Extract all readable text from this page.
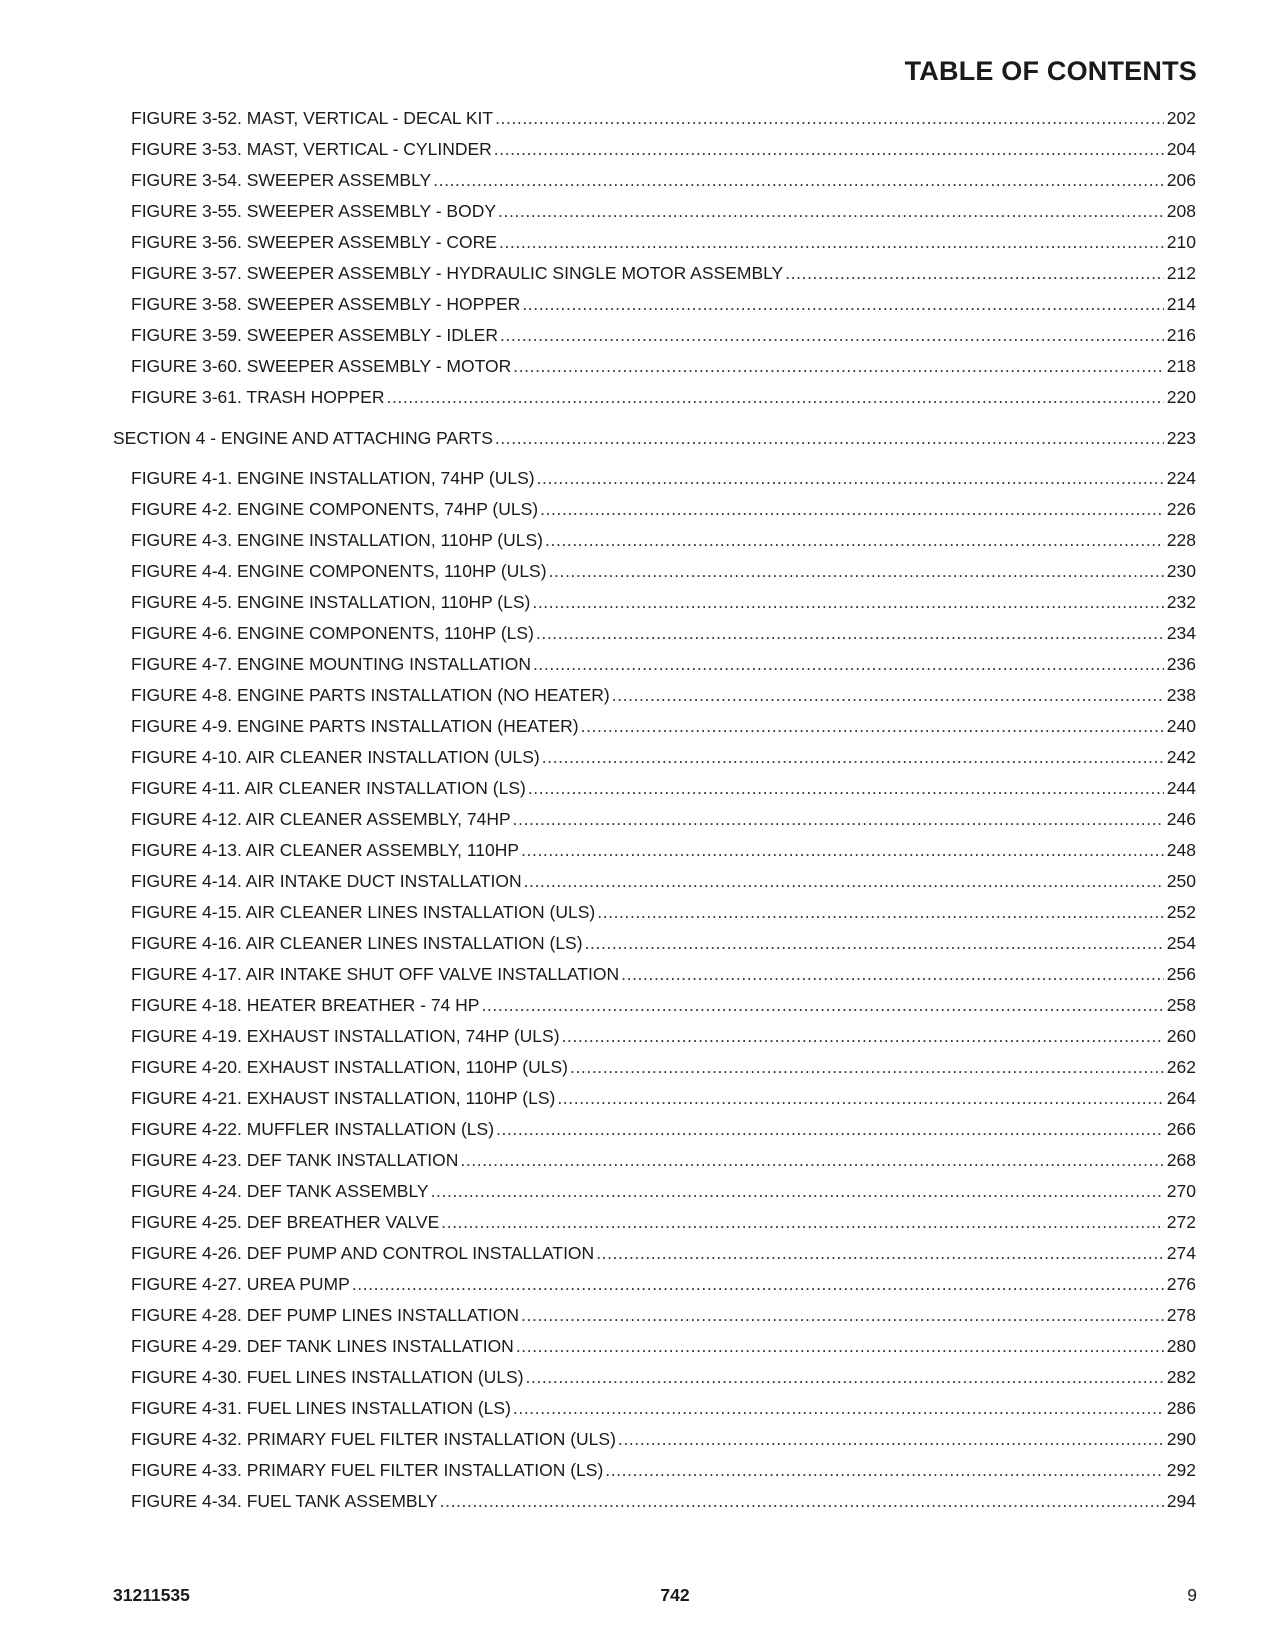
TABLE OF CONTENTS
FIGURE 3-52. MAST, VERTICAL - DECAL KIT .....	202
FIGURE 3-53. MAST, VERTICAL - CYLINDER .....	204
FIGURE 3-54. SWEEPER ASSEMBLY .....	206
FIGURE 3-55. SWEEPER ASSEMBLY - BODY .....	208
FIGURE 3-56. SWEEPER ASSEMBLY - CORE .....	210
FIGURE 3-57. SWEEPER ASSEMBLY - HYDRAULIC SINGLE MOTOR ASSEMBLY .....	212
FIGURE 3-58. SWEEPER ASSEMBLY - HOPPER .....	214
FIGURE 3-59. SWEEPER ASSEMBLY - IDLER .....	216
FIGURE 3-60. SWEEPER ASSEMBLY - MOTOR .....	218
FIGURE 3-61. TRASH HOPPER .....	220
SECTION 4 - ENGINE AND ATTACHING PARTS .....	223
FIGURE 4-1. ENGINE INSTALLATION, 74HP (ULS) .....	224
FIGURE 4-2. ENGINE COMPONENTS, 74HP (ULS) .....	226
FIGURE 4-3. ENGINE INSTALLATION, 110HP (ULS) .....	228
FIGURE 4-4. ENGINE COMPONENTS, 110HP (ULS) .....	230
FIGURE 4-5. ENGINE INSTALLATION, 110HP (LS) .....	232
FIGURE 4-6. ENGINE COMPONENTS, 110HP (LS) .....	234
FIGURE 4-7. ENGINE MOUNTING INSTALLATION .....	236
FIGURE 4-8. ENGINE PARTS INSTALLATION (NO HEATER) .....	238
FIGURE 4-9. ENGINE PARTS INSTALLATION (HEATER) .....	240
FIGURE 4-10. AIR CLEANER INSTALLATION (ULS) .....	242
FIGURE 4-11. AIR CLEANER INSTALLATION (LS) .....	244
FIGURE 4-12. AIR CLEANER ASSEMBLY, 74HP .....	246
FIGURE 4-13. AIR CLEANER ASSEMBLY, 110HP .....	248
FIGURE 4-14. AIR INTAKE DUCT INSTALLATION .....	250
FIGURE 4-15. AIR CLEANER LINES INSTALLATION (ULS) .....	252
FIGURE 4-16. AIR CLEANER LINES INSTALLATION (LS) .....	254
FIGURE 4-17. AIR INTAKE SHUT OFF VALVE INSTALLATION .....	256
FIGURE 4-18. HEATER BREATHER - 74 HP .....	258
FIGURE 4-19. EXHAUST INSTALLATION, 74HP (ULS) .....	260
FIGURE 4-20. EXHAUST INSTALLATION, 110HP (ULS) .....	262
FIGURE 4-21. EXHAUST INSTALLATION, 110HP (LS) .....	264
FIGURE 4-22. MUFFLER INSTALLATION (LS) .....	266
FIGURE 4-23. DEF TANK INSTALLATION .....	268
FIGURE 4-24. DEF TANK ASSEMBLY .....	270
FIGURE 4-25. DEF BREATHER VALVE .....	272
FIGURE 4-26. DEF PUMP AND CONTROL INSTALLATION .....	274
FIGURE 4-27. UREA PUMP .....	276
FIGURE 4-28. DEF PUMP LINES INSTALLATION .....	278
FIGURE 4-29. DEF TANK LINES INSTALLATION .....	280
FIGURE 4-30. FUEL LINES INSTALLATION (ULS) .....	282
FIGURE 4-31. FUEL LINES INSTALLATION (LS) .....	286
FIGURE 4-32. PRIMARY FUEL FILTER INSTALLATION (ULS) .....	290
FIGURE 4-33. PRIMARY FUEL FILTER INSTALLATION (LS) .....	292
FIGURE 4-34. FUEL TANK ASSEMBLY .....	294
31211535	742	9
